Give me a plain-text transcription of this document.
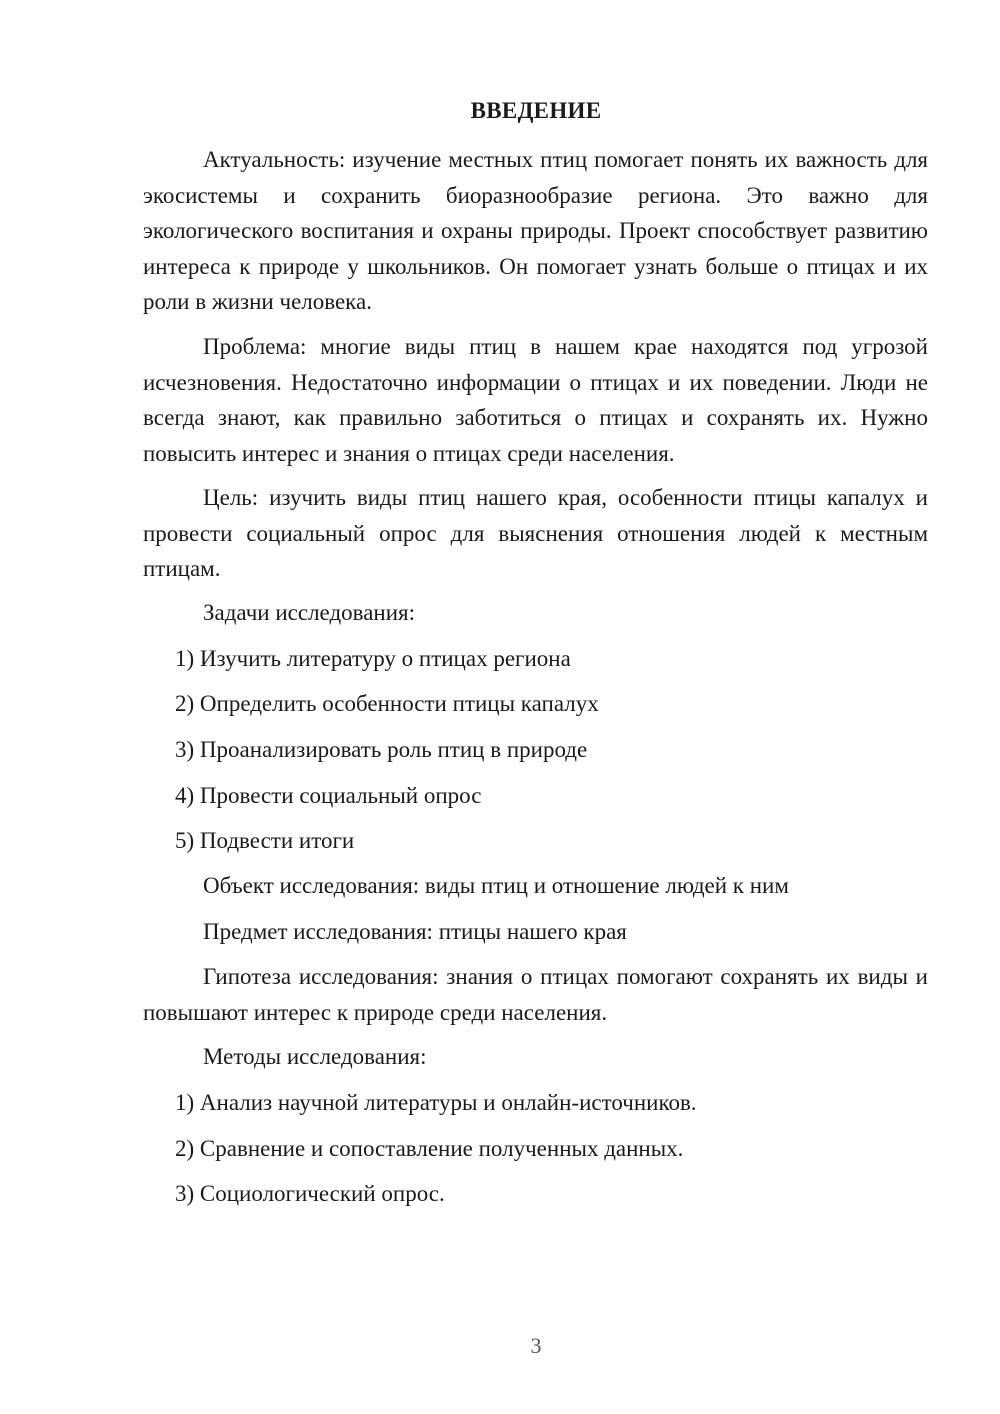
ВВЕДЕНИЕ

Актуальность: изучение местных птиц помогает понять их важность для экосистемы и сохранить биоразнообразие региона. Это важно для экологического воспитания и охраны природы. Проект способствует развитию интереса к природе у школьников. Он помогает узнать больше о птицах и их роли в жизни человека.

Проблема: многие виды птиц в нашем крае находятся под угрозой исчезновения. Недостаточно информации о птицах и их поведении. Люди не всегда знают, как правильно заботиться о птицах и сохранять их. Нужно повысить интерес и знания о птицах среди населения.

Цель: изучить виды птиц нашего края, особенности птицы капалух и провести социальный опрос для выяснения отношения людей к местным птицам.

Задачи исследования:

1) Изучить литературу о птицах региона

2) Определить особенности птицы капалух

3) Проанализировать роль птиц в природе

4) Провести социальный опрос

5) Подвести итоги

Объект исследования: виды птиц и отношение людей к ним

Предмет исследования: птицы нашего края

Гипотеза исследования: знания о птицах помогают сохранять их виды и повышают интерес к природе среди населения.

Методы исследования:

1) Анализ научной литературы и онлайн-источников.

2) Сравнение и сопоставление полученных данных.

3) Социологический опрос.

3
